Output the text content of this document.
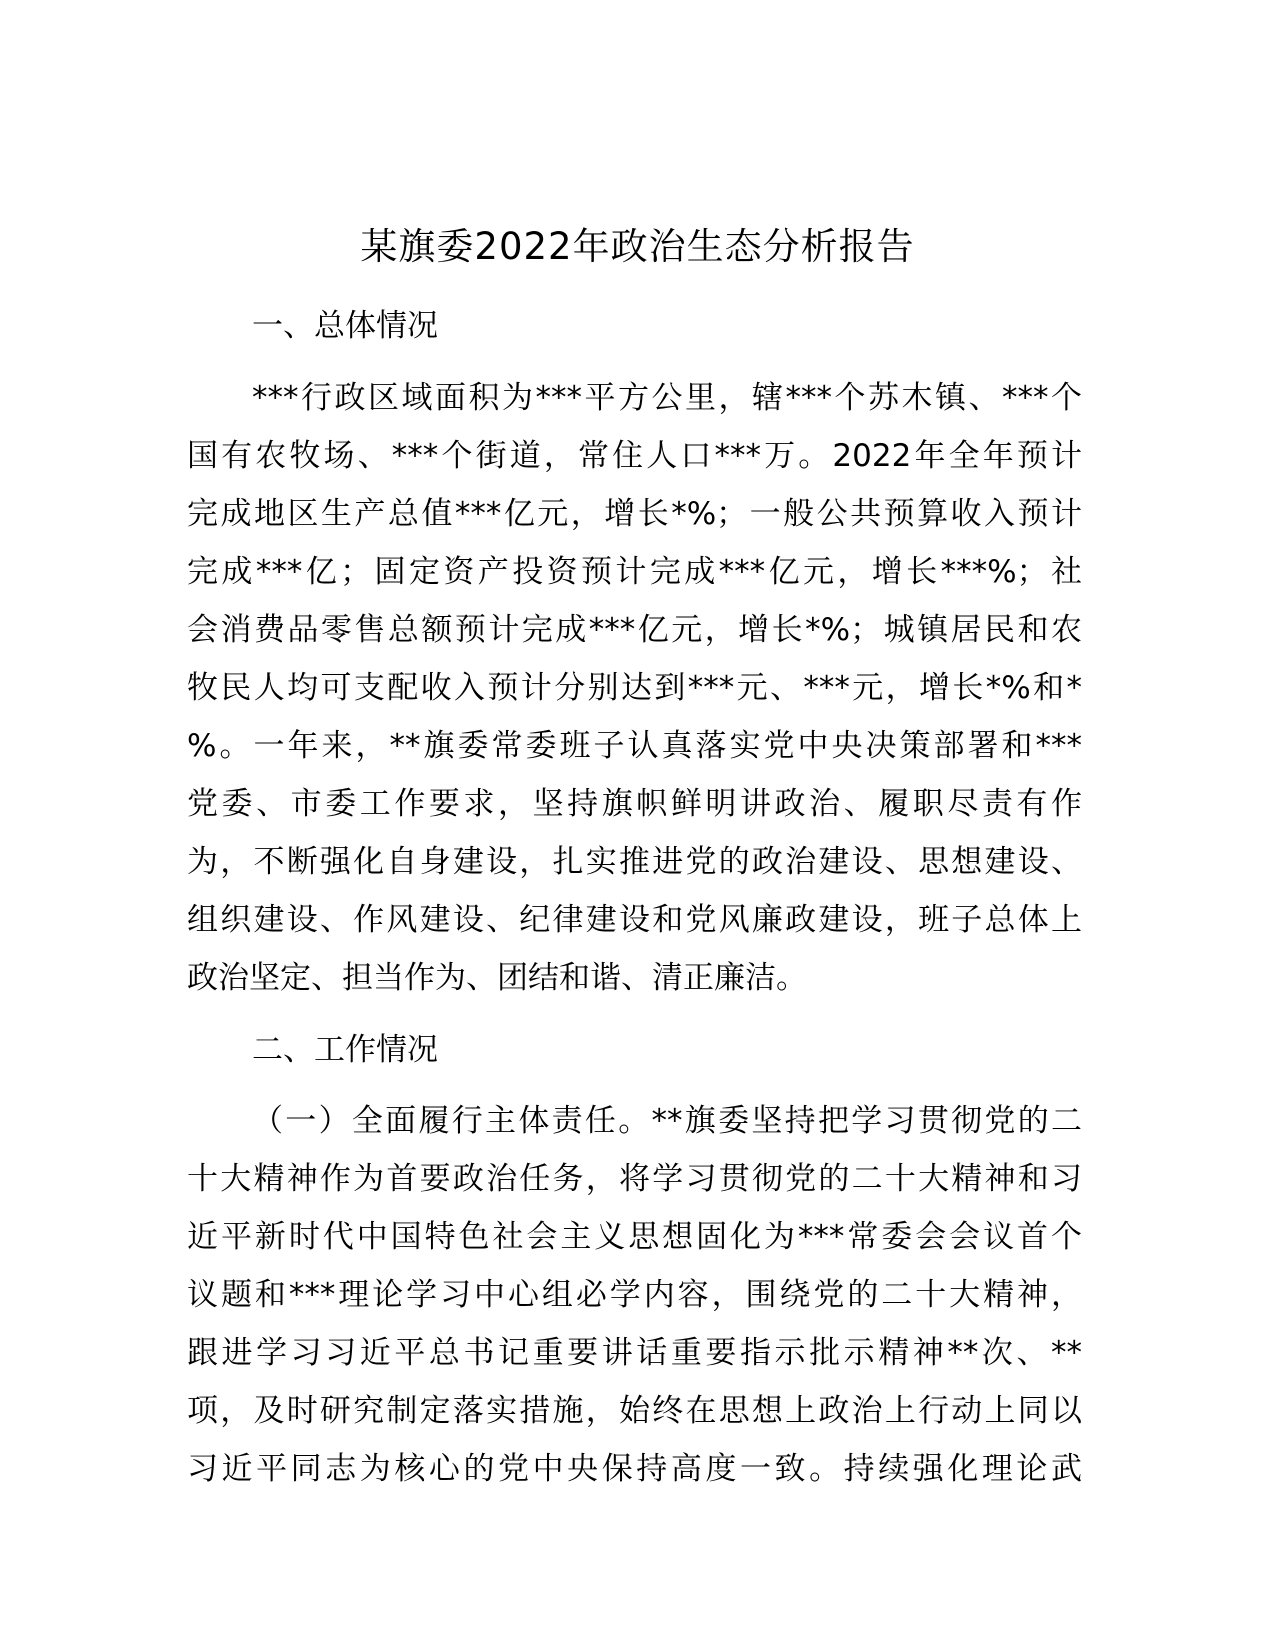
某旗委2022年政治生态分析报告
一、总体情况
***行政区域面积为***平方公里，辖***个苏木镇、***个
国有农牧场、***个街道，常住人口***万。2022年全年预计
完成地区生产总值***亿元，增长*%；一般公共预算收入预计
完成***亿；固定资产投资预计完成***亿元，增长***%；社
会消费品零售总额预计完成***亿元，增长*%；城镇居民和农
牧民人均可支配收入预计分别达到***元、***元，增长*%和*
%。一年来，**旗委常委班子认真落实党中央决策部署和***
党委、市委工作要求，坚持旗帜鲜明讲政治、履职尽责有作
为，不断强化自身建设，扎实推进党的政治建设、思想建设、
组织建设、作风建设、纪律建设和党风廉政建设，班子总体上
政治坚定、担当作为、团结和谐、清正廉洁。
二、工作情况
（一）全面履行主体责任。**旗委坚持把学习贯彻党的二
十大精神作为首要政治任务，将学习贯彻党的二十大精神和习
近平新时代中国特色社会主义思想固化为***常委会会议首个
议题和***理论学习中心组必学内容，围绕党的二十大精神，
跟进学习习近平总书记重要讲话重要指示批示精神**次、**
项，及时研究制定落实措施，始终在思想上政治上行动上同以
习近平同志为核心的党中央保持高度一致。持续强化理论武
